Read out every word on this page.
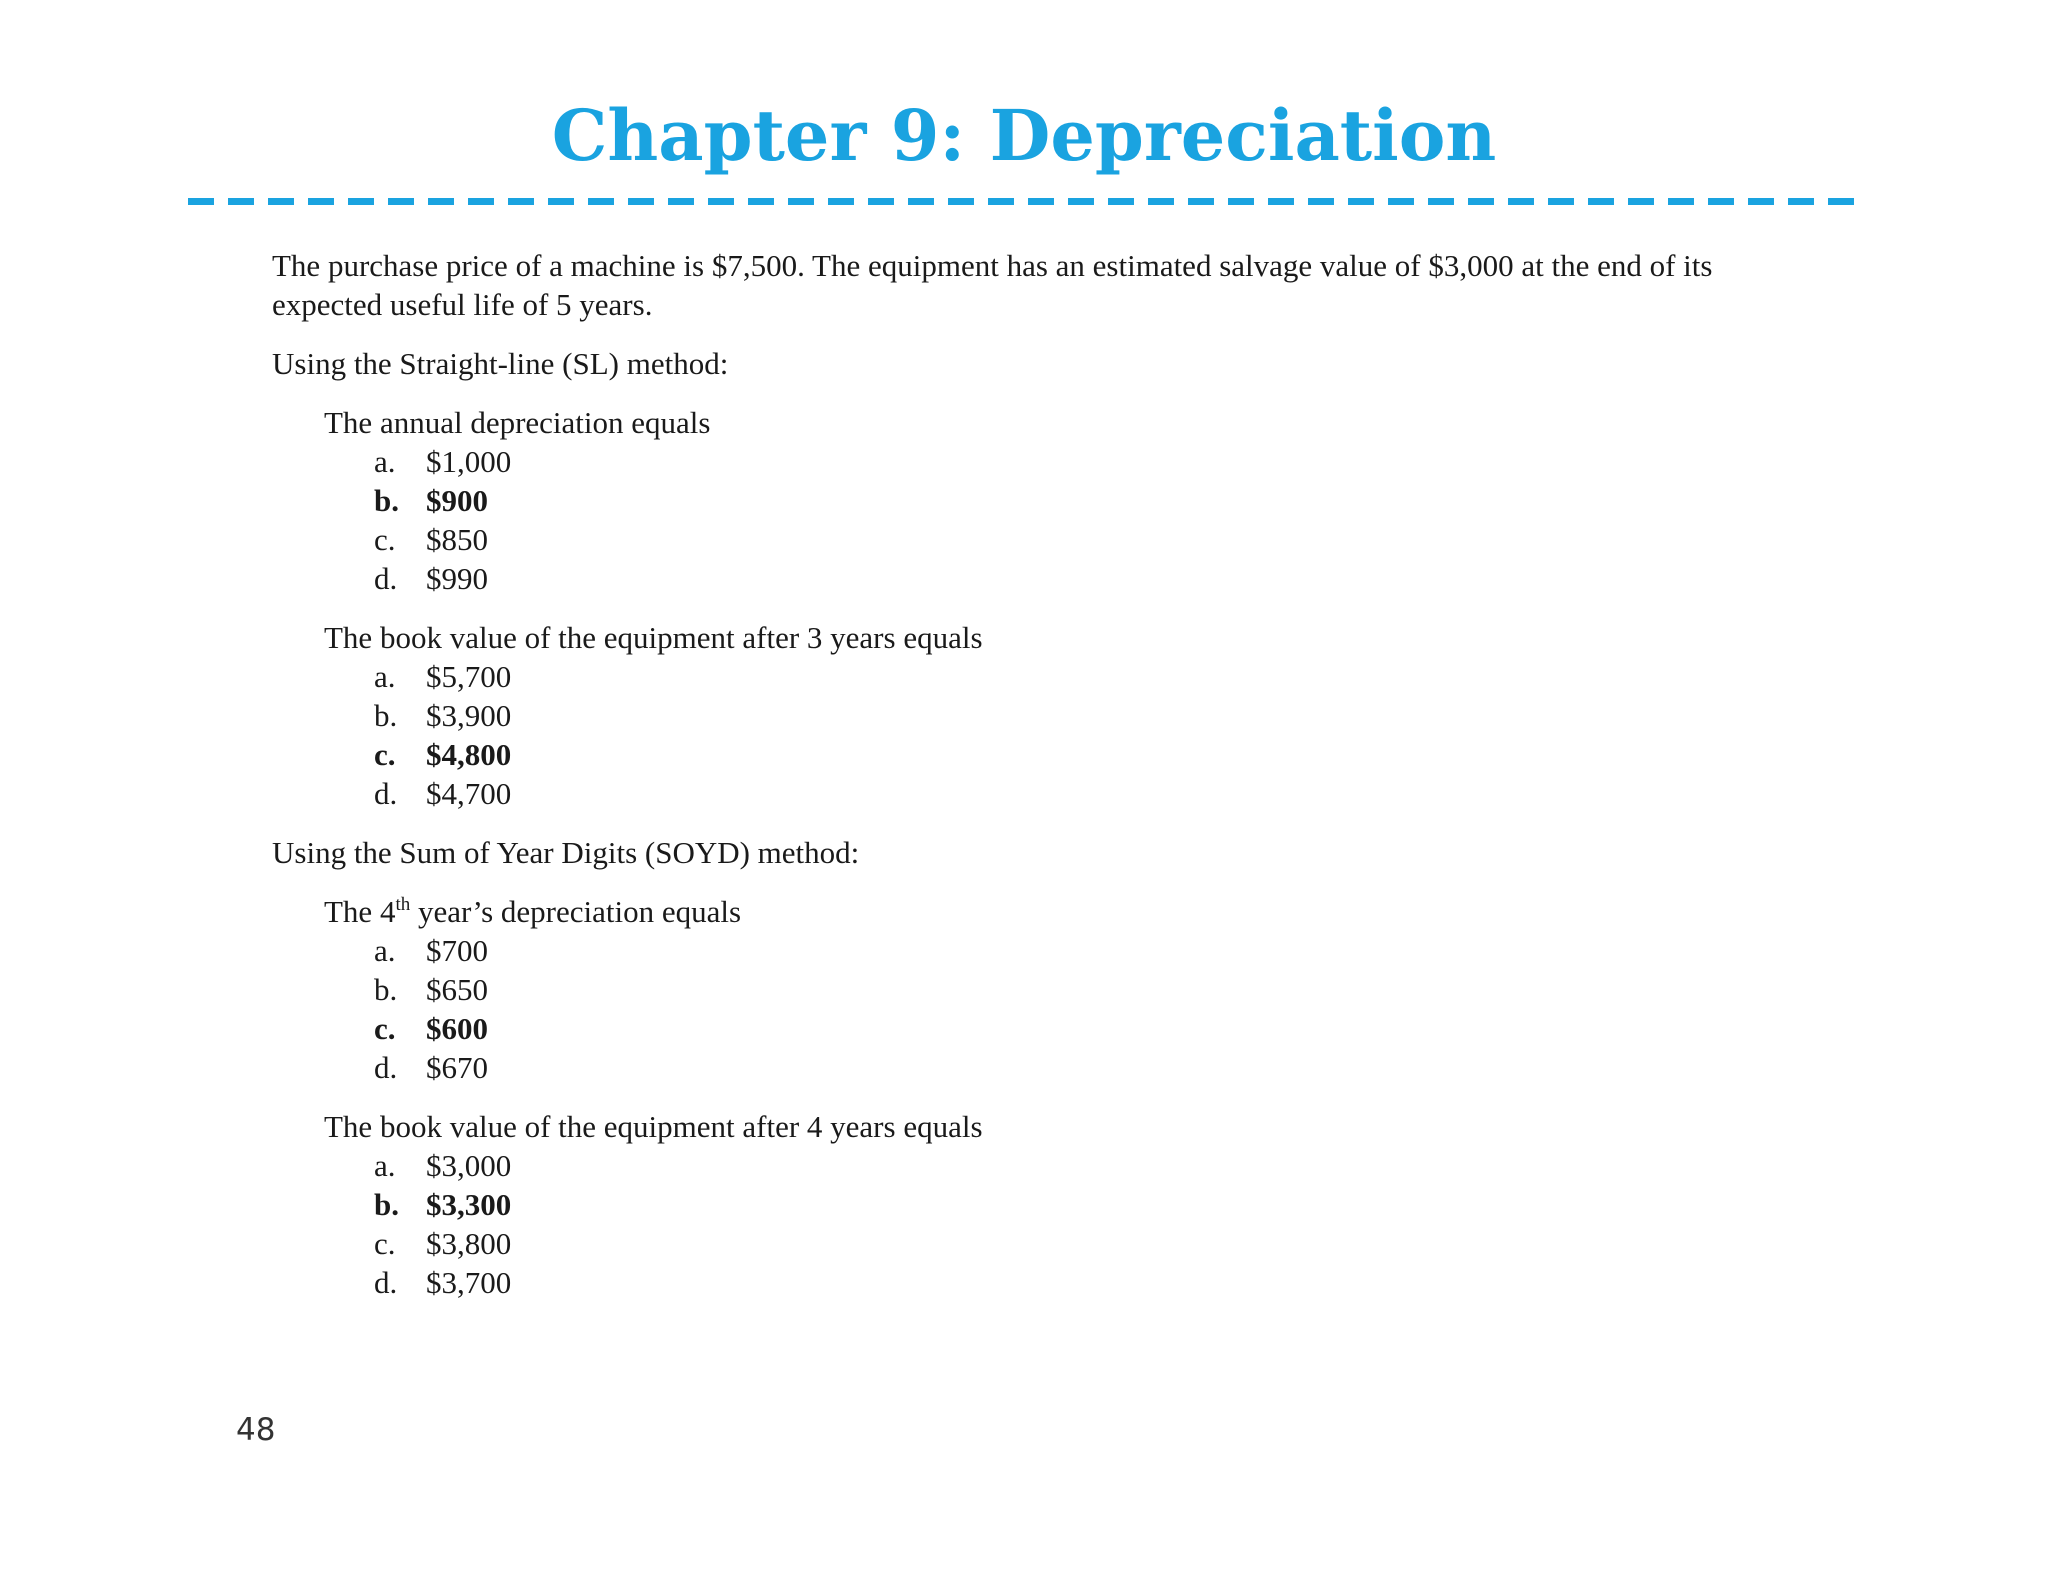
Chapter 9: Depreciation

The purchase price of a machine is $7,500. The equipment has an estimated salvage value of $3,000 at the end of its expected useful life of 5 years.

Using the Straight-line (SL) method:

The annual depreciation equals

a. $1,000
b. $900
c. $850
d. $990

The book value of the equipment after 3 years equals

a. $5,700
b. $3,900
c. $4,800
d. $4,700

Using the Sum of Year Digits (SOYD) method:

The 4th year’s depreciation equals

a. $700
b. $650
c. $600
d. $670

The book value of the equipment after 4 years equals

a. $3,000
b. $3,300
c. $3,800
d. $3,700
48
